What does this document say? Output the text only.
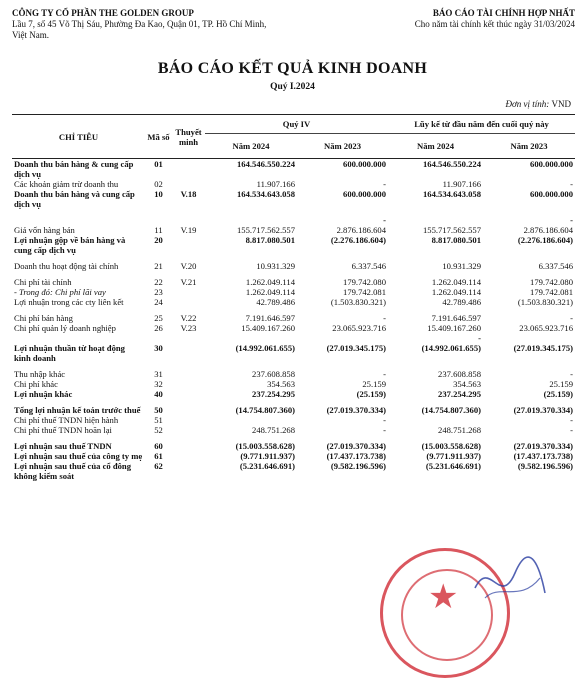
CÔNG TY CỔ PHẦN THE GOLDEN GROUP
Lầu 7, số 45 Võ Thị Sáu, Phường Đa Kao, Quận 01, TP. Hồ Chí Minh,
Việt Nam.
BÁO CÁO TÀI CHÍNH HỢP NHẤT
Cho năm tài chính kết thúc ngày 31/03/2024
BÁO CÁO KẾT QUẢ KINH DOANH
Quý I.2024
Đơn vị tính: VND
CHỈ TIÊU	Mã số	Thuyết minh	Quý IV		Lũy kế từ đầu năm đến cuối quý này	
			Năm 2024	Năm 2023	Năm 2024	Năm 2023
Doanh thu bán hàng & cung cấp dịch vụ	01		164.546.550.224	600.000.000	164.546.550.224	600.000.000
Các khoản giảm trừ doanh thu	02		11.907.166	-	11.907.166	-
Doanh thu bán hàng và cung cấp dịch vụ	10	V.18	164.534.643.058	600.000.000	164.534.643.058	600.000.000

				-		-
Giá vốn hàng bán	11	V.19	155.717.562.557	2.876.186.604	155.717.562.557	2.876.186.604
Lợi nhuận gộp về bán hàng và cung cấp dịch vụ	20		8.817.080.501	(2.276.186.604)	8.817.080.501	(2.276.186.604)

Doanh thu hoạt động tài chính	21	V.20	10.931.329	6.337.546	10.931.329	6.337.546

Chi phí tài chính	22	V.21	1.262.049.114	179.742.080	1.262.049.114	179.742.080
- Trong đó: Chi phí lãi vay	23		1.262.049.114	179.742.081	1.262.049.114	179.742.081
Lợi nhuận trong các cty liên kết	24		42.789.486	(1.503.830.321)	42.789.486	(1.503.830.321)

Chi phí bán hàng	25	V.22	7.191.646.597	-	7.191.646.597	-
Chi phí quản lý doanh nghiệp	26	V.23	15.409.167.260	23.065.923.716	15.409.167.260	23.065.923.716
					-	
Lợi nhuận thuần từ hoạt động kinh doanh	30		(14.992.061.655)	(27.019.345.175)	(14.992.061.655)	(27.019.345.175)

Thu nhập khác	31		237.608.858	-	237.608.858	-
Chi phí khác	32		354.563	25.159	354.563	25.159
Lợi nhuận khác	40		237.254.295	(25.159)	237.254.295	(25.159)

Tổng lợi nhuận kế toán trước thuế	50		(14.754.807.360)	(27.019.370.334)	(14.754.807.360)	(27.019.370.334)
Chi phí thuế TNDN hiện hành	51			-		-
Chi phí thuế TNDN hoãn lại	52		248.751.268	-	248.751.268	-

Lợi nhuận sau thuế TNDN	60		(15.003.558.628)	(27.019.370.334)	(15.003.558.628)	(27.019.370.334)
Lợi nhuận sau thuế của công ty mẹ	61		(9.771.911.937)	(17.437.173.738)	(9.771.911.937)	(17.437.173.738)
Lợi nhuận sau thuế của cổ đông không kiểm soát	62		(5.231.646.691)	(9.582.196.596)	(5.231.646.691)	(9.582.196.596)
★
